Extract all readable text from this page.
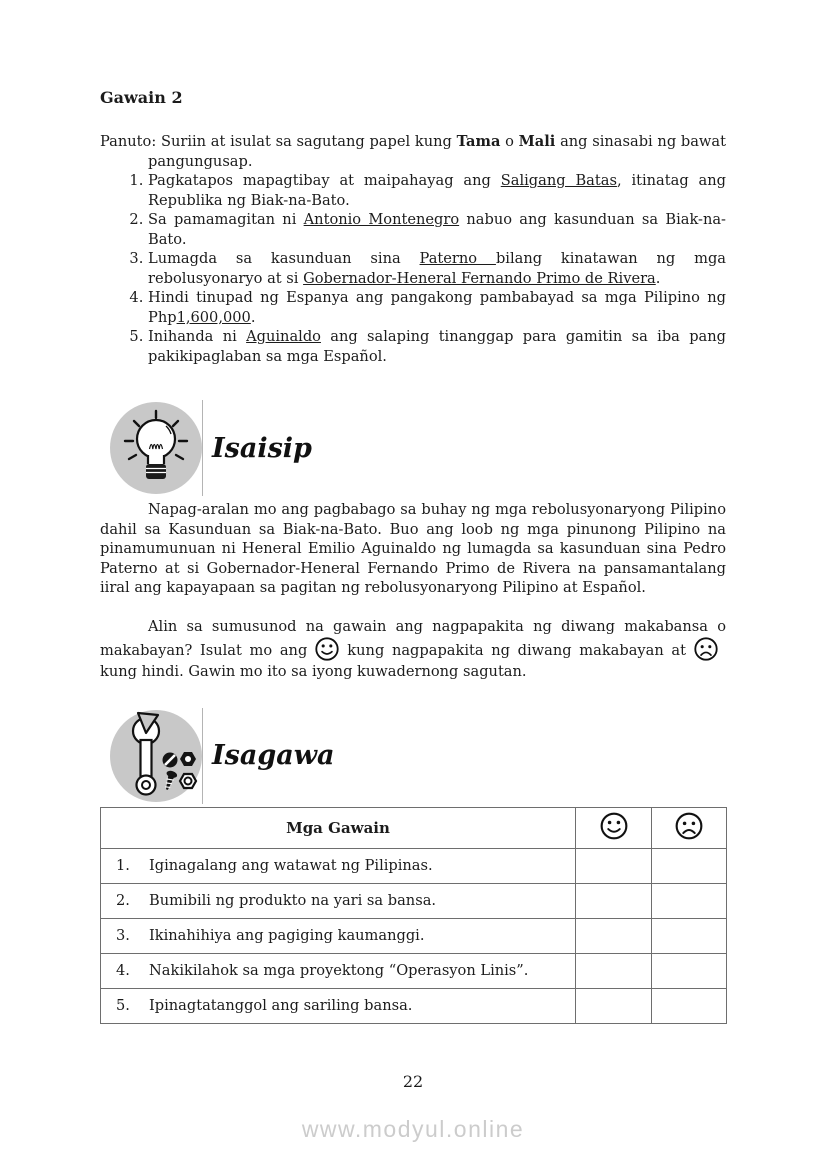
Gawain 2

Panuto: Suriin at isulat sa sagutang papel kung Tama o Mali ang sinasabi ng bawat pangungusap.

1. Pagkatapos mapagtibay at maipahayag ang Saligang Batas, itinatag ang Republika ng Biak-na-Bato.
2. Sa pamamagitan ni Antonio Montenegro nabuo ang kasunduan sa Biak-na-Bato.
3. Lumagda sa kasunduan sina Paterno bilang kinatawan ng mga rebolusyonaryo at si Gobernador-Heneral Fernando Primo de Rivera.
4. Hindi tinupad ng Espanya ang pangakong pambabayad sa mga Pilipino ng Php1,600,000.
5. Inihanda ni Aguinaldo ang salaping tinanggap para gamitin sa iba pang pakikipaglaban sa mga Español.
Isaisip

Napag-aralan mo ang pagbabago sa buhay ng mga rebolusyonaryong Pilipino dahil sa Kasunduan sa Biak-na-Bato. Buo ang loob ng mga pinunong Pilipino na pinamumunuan ni Heneral Emilio Aguinaldo ng lumagda sa kasunduan sina Pedro Paterno at si Gobernador-Heneral Fernando Primo de Rivera na pansamantalang iiral ang kapayapaan sa pagitan ng rebolusyonaryong Pilipino at Español.

Alin sa sumusunod na gawain ang nagpapakita ng diwang makabansa o makabayan? Isulat mo ang	kung nagpapakita ng diwang makabayan atkung hindi. Gawin mo ito sa iyong kuwadernong sagutan.

Isagawa
Mga Gawain		
1. Iginagalang ang watawat ng Pilipinas.		
2. Bumibili ng produkto na yari sa bansa.		
3. Ikinahihiya ang pagiging kaumanggi.		
4. Nakikilahok sa mga proyektong “Operasyon Linis”.		
5. Ipinagtatanggol ang sariling bansa.		
22
www.modyul.online
